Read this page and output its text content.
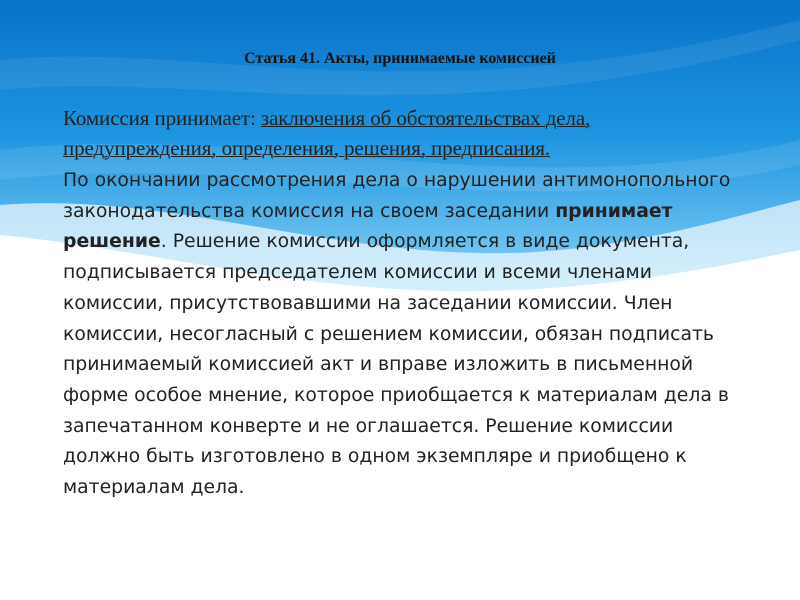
Статья 41. Акты, принимаемые комиссией

Комиссия принимает: заключения об обстоятельствах дела, предупреждения, определения, решения, предписания.

По окончании рассмотрения дела о нарушении антимонопольного законодательства комиссия на своем заседании принимает решение. Решение комиссии оформляется в виде документа, подписывается председателем комиссии и всеми членами комиссии, присутствовавшими на заседании комиссии. Член комиссии, несогласный с решением комиссии, обязан подписать принимаемый комиссией акт и вправе изложить в письменной форме особое мнение, которое приобщается к материалам дела в запечатанном конверте и не оглашается. Решение комиссии должно быть изготовлено в одном экземпляре и приобщено к материалам дела.
